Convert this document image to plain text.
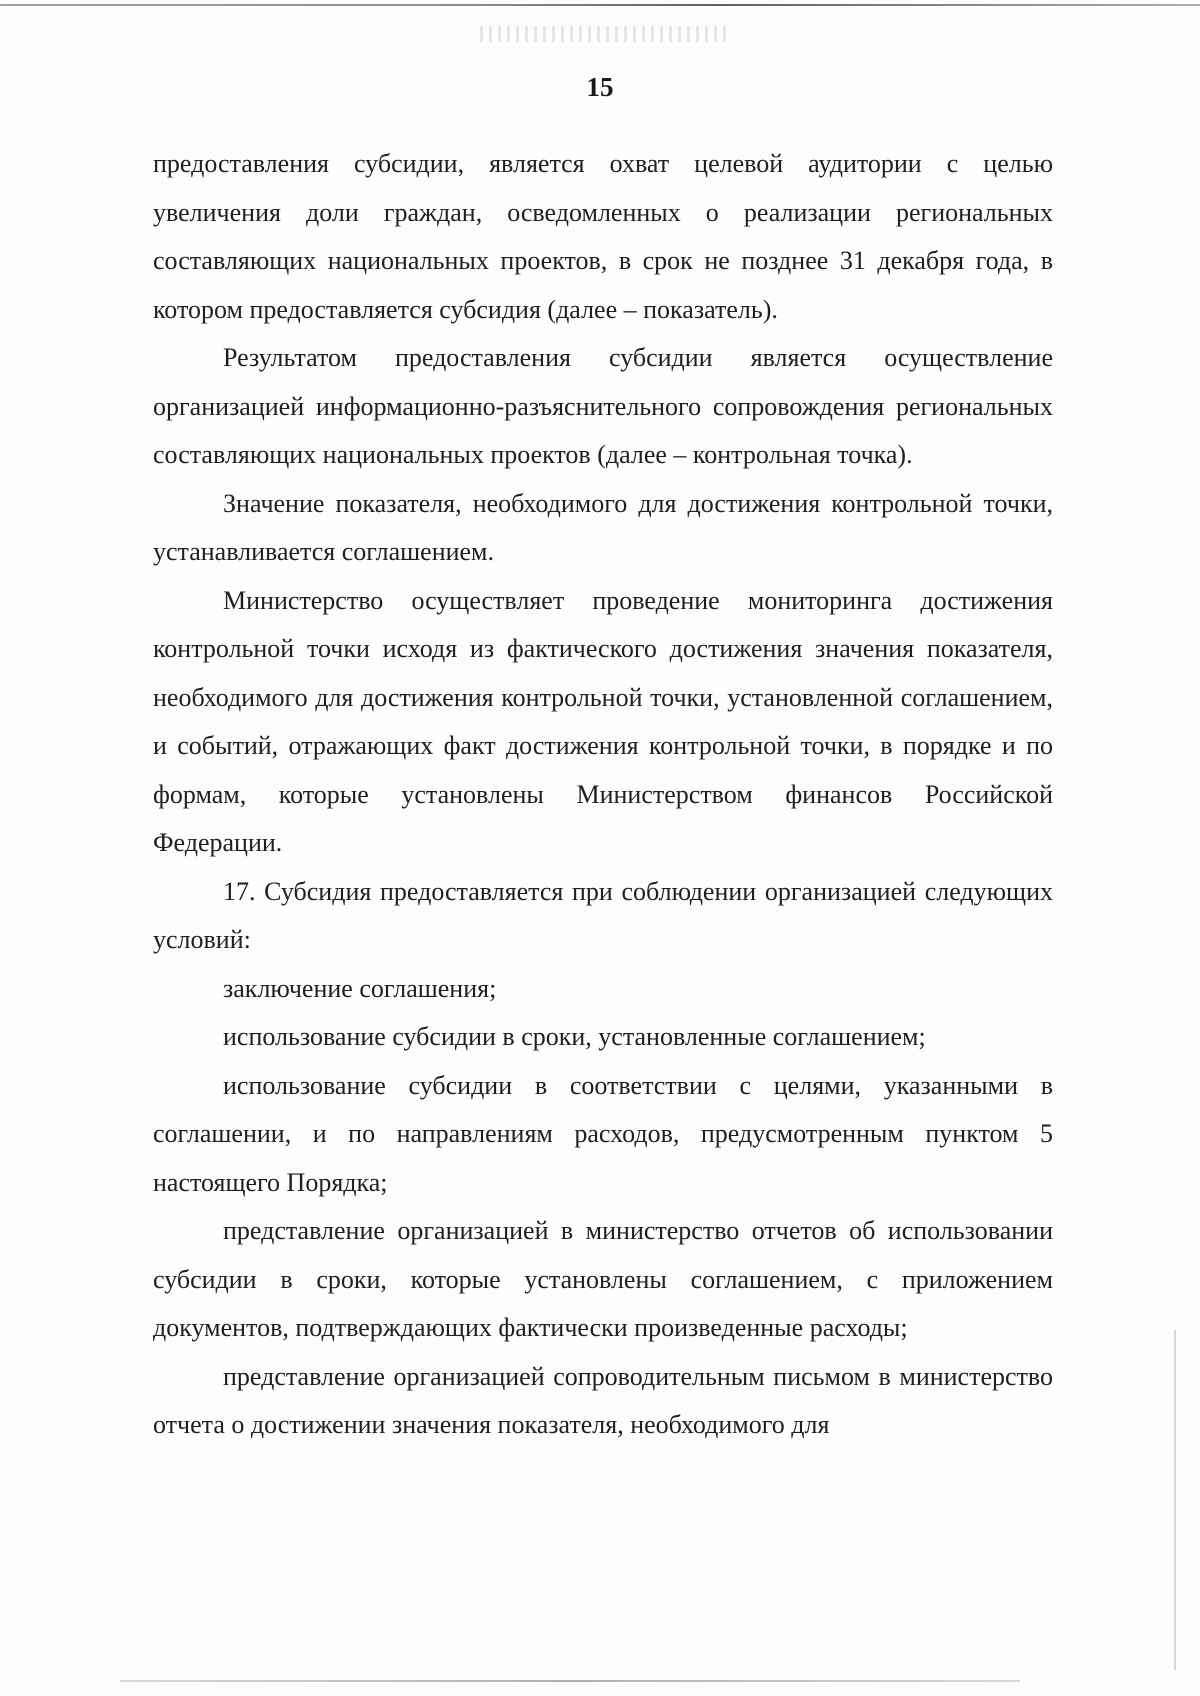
15

предоставления субсидии, является охват целевой аудитории с целью увеличения доли граждан, осведомленных о реализации региональных составляющих национальных проектов, в срок не позднее 31 декабря года, в котором предоставляется субсидия (далее – показатель).

Результатом предоставления субсидии является осуществление организацией информационно-разъяснительного сопровождения региональных составляющих национальных проектов (далее – контрольная точка).

Значение показателя, необходимого для достижения контрольной точки, устанавливается соглашением.

Министерство осуществляет проведение мониторинга достижения контрольной точки исходя из фактического достижения значения показателя, необходимого для достижения контрольной точки, установленной соглашением, и событий, отражающих факт достижения контрольной точки, в порядке и по формам, которые установлены Министерством финансов Российской Федерации.

17. Субсидия предоставляется при соблюдении организацией следующих условий:

заключение соглашения;

использование субсидии в сроки, установленные соглашением;

использование субсидии в соответствии с целями, указанными в соглашении, и по направлениям расходов, предусмотренным пунктом 5 настоящего Порядка;

представление организацией в министерство отчетов об использовании субсидии в сроки, которые установлены соглашением, с приложением документов, подтверждающих фактически произведенные расходы;

представление организацией сопроводительным письмом в министерство отчета о достижении значения показателя, необходимого для
